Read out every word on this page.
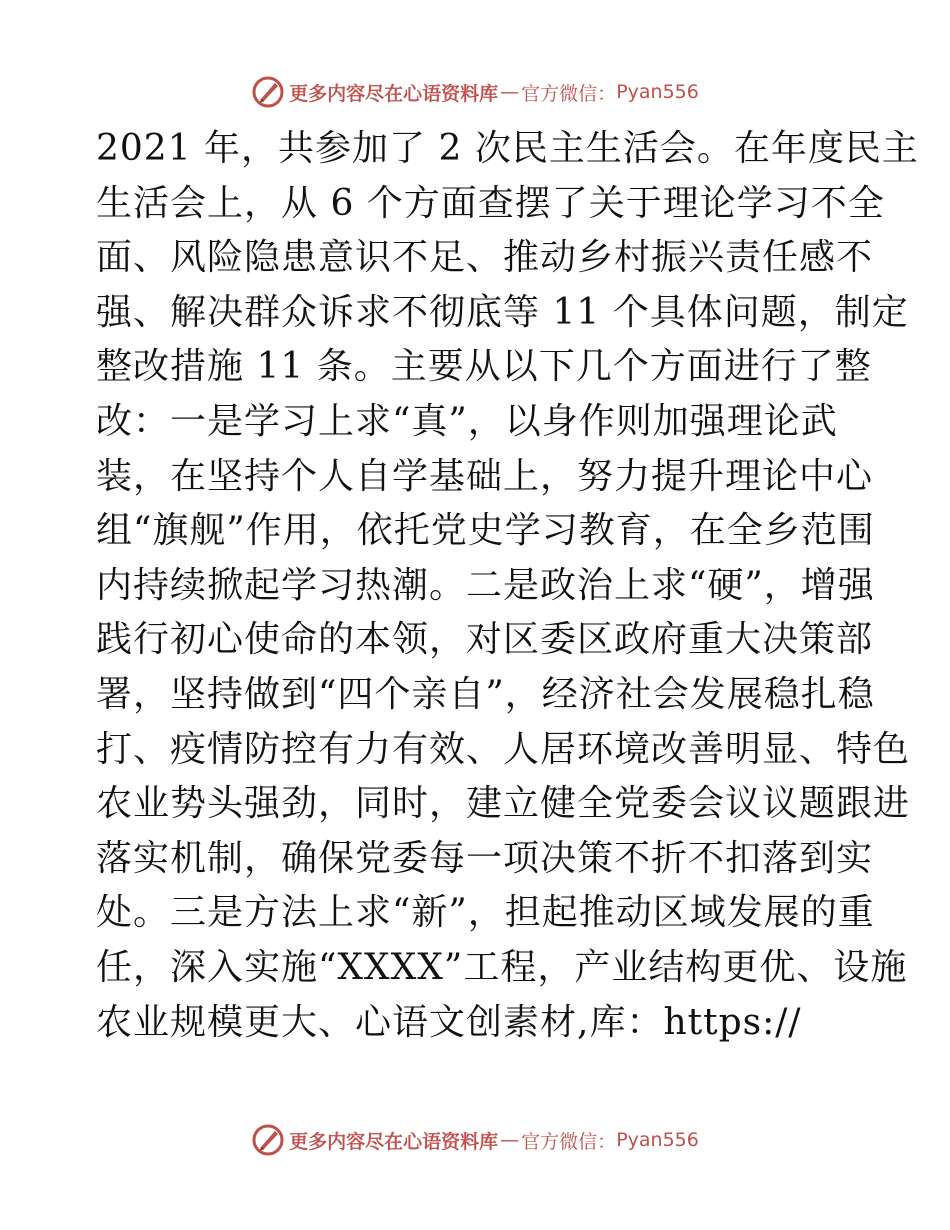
更多内容尽在心语资料库 — 官方微信： Pyan556
2021 年，共参加了 2 次民主生活会。在年度民主
生活会上，从 6 个方面查摆了关于理论学习不全
面、风险隐患意识不足、推动乡村振兴责任感不
强、解决群众诉求不彻底等 11 个具体问题，制定
整改措施 11 条。主要从以下几个方面进行了整
改：一是学习上求“真”，以身作则加强理论武
装，在坚持个人自学基础上，努力提升理论中心
组“旗舰”作用，依托党史学习教育，在全乡范围
内持续掀起学习热潮。二是政治上求“硬”，增强
践行初心使命的本领，对区委区政府重大决策部
署，坚持做到“四个亲自”，经济社会发展稳扎稳
打、疫情防控有力有效、人居环境改善明显、特色
农业势头强劲，同时，建立健全党委会议议题跟进
落实机制，确保党委每一项决策不折不扣落到实
处。三是方法上求“新”，担起推动区域发展的重
任，深入实施“XXXX”工程，产业结构更优、设施
农业规模更大、心语文创素材,库：https://
更多内容尽在心语资料库 — 官方微信： Pyan556
